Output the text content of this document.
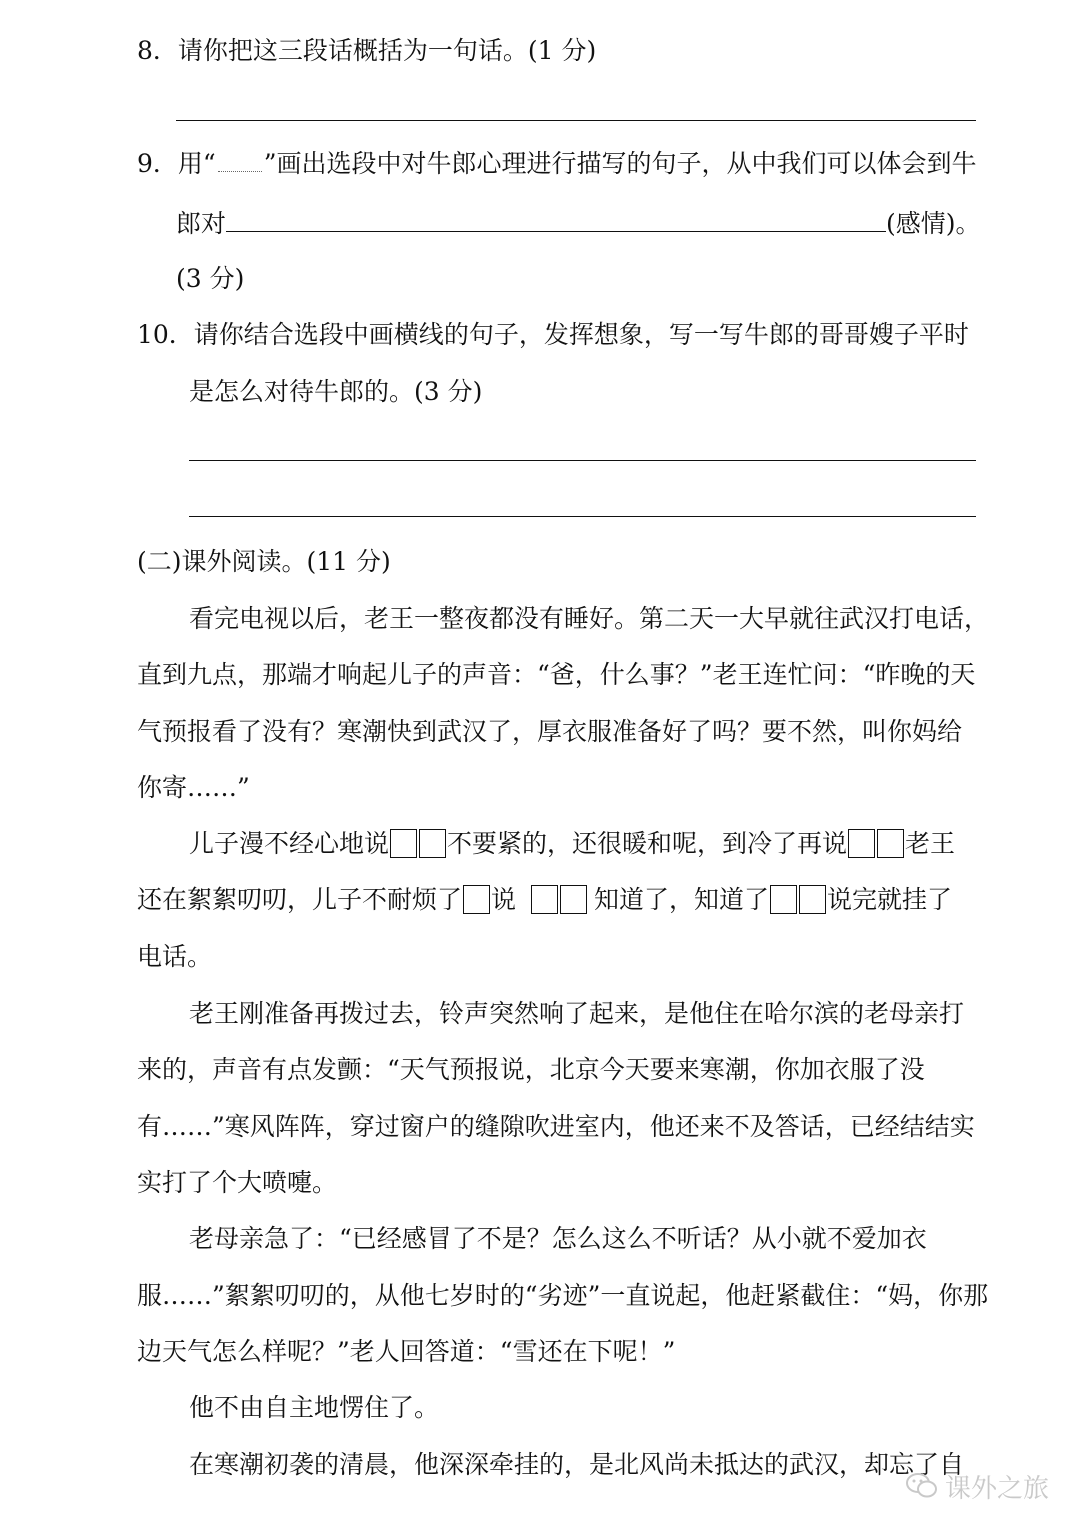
8．请你把这三段话概括为一句话。(1 分)
9．用“ ”画出选段中对牛郎心理进行描写的句子，从中我们可以体会到牛
郎对	(感情)。
(3 分)
10．请你结合选段中画横线的句子，发挥想象，写一写牛郎的哥哥嫂子平时
是怎么对待牛郎的。(3 分)
(二)课外阅读。(11 分)
看完电视以后，老王一整夜都没有睡好。第二天一大早就往武汉打电话，
直到九点，那端才响起儿子的声音：“爸，什么事？”老王连忙问：“昨晚的天
气预报看了没有？寒潮快到武汉了，厚衣服准备好了吗？要不然，叫你妈给
你寄……”
儿子漫不经心地说 不要紧的，还很暖和呢，到冷了再说 老王
还在絮絮叨叨，儿子不耐烦了 说	知道了，知道了 说完就挂了
电话。
老王刚准备再拨过去，铃声突然响了起来，是他住在哈尔滨的老母亲打
来的，声音有点发颤：“天气预报说，北京今天要来寒潮，你加衣服了没
有……”寒风阵阵，穿过窗户的缝隙吹进室内，他还来不及答话，已经结结实
实打了个大喷嚏。
老母亲急了：“已经感冒了不是？怎么这么不听话？从小就不爱加衣
服……”絮絮叨叨的，从他七岁时的“劣迹”一直说起，他赶紧截住：“妈，你那
边天气怎么样呢？”老人回答道：“雪还在下呢！”
他不由自主地愣住了。
在寒潮初袭的清晨，他深深牵挂的，是北风尚未抵达的武汉，却忘了自
课外之旅
